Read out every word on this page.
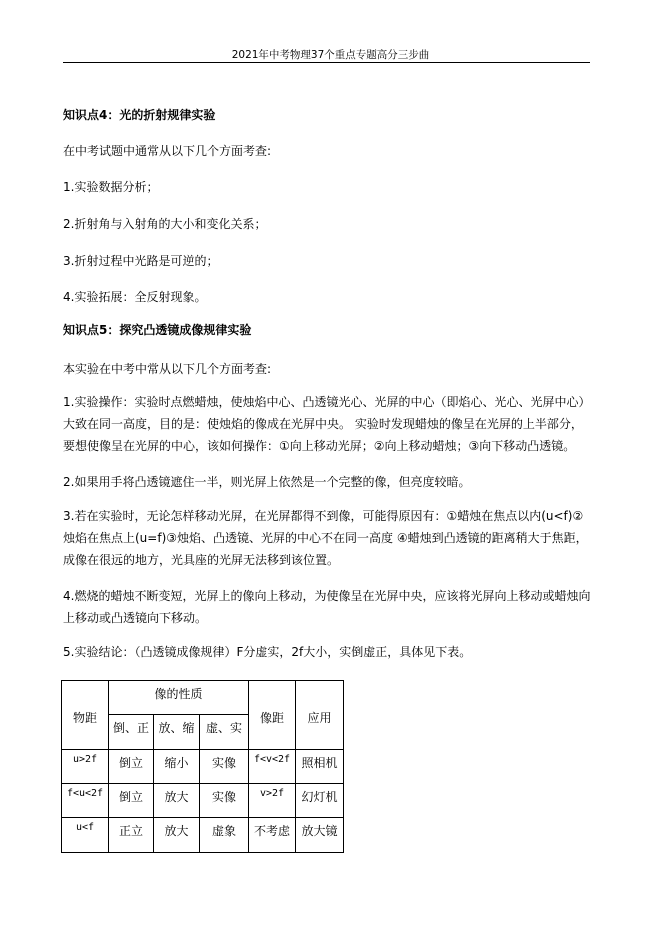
2021年中考物理37个重点专题高分三步曲
知识点4：光的折射规律实验
在中考试题中通常从以下几个方面考查:
1.实验数据分析；
2.折射角与入射角的大小和变化关系；
3.折射过程中光路是可逆的；
4.实验拓展：全反射现象。
知识点5：探究凸透镜成像规律实验
本实验在中考中常从以下几个方面考查:
1.实验操作：实验时点燃蜡烛，使烛焰中心、凸透镜光心、光屏的中心（即焰心、光心、光屏中心）大致在同一高度，目的是：使烛焰的像成在光屏中央。 实验时发现蜡烛的像呈在光屏的上半部分，要想使像呈在光屏的中心，该如何操作：①向上移动光屏；②向上移动蜡烛；③向下移动凸透镜。
2.如果用手将凸透镜遮住一半，则光屏上依然是一个完整的像，但亮度较暗。
3.若在实验时，无论怎样移动光屏，在光屏都得不到像，可能得原因有：①蜡烛在焦点以内(u<f)②烛焰在焦点上(u=f)③烛焰、凸透镜、光屏的中心不在同一高度 ④蜡烛到凸透镜的距离稍大于焦距，成像在很远的地方，光具座的光屏无法移到该位置。
4.燃烧的蜡烛不断变短，光屏上的像向上移动，为使像呈在光屏中央，应该将光屏向上移动或蜡烛向上移动或凸透镜向下移动。
5.实验结论：（凸透镜成像规律）F分虚实，2f大小，实倒虚正，具体见下表。
物距	像的性质			像距	应用
	倒、正	放、缩	虚、实		
u>2f	倒立	缩小	实像	f<v<2f	照相机
f<u<2f	倒立	放大	实像	v>2f	幻灯机
u<f	正立	放大	虚象	不考虑	放大镜
